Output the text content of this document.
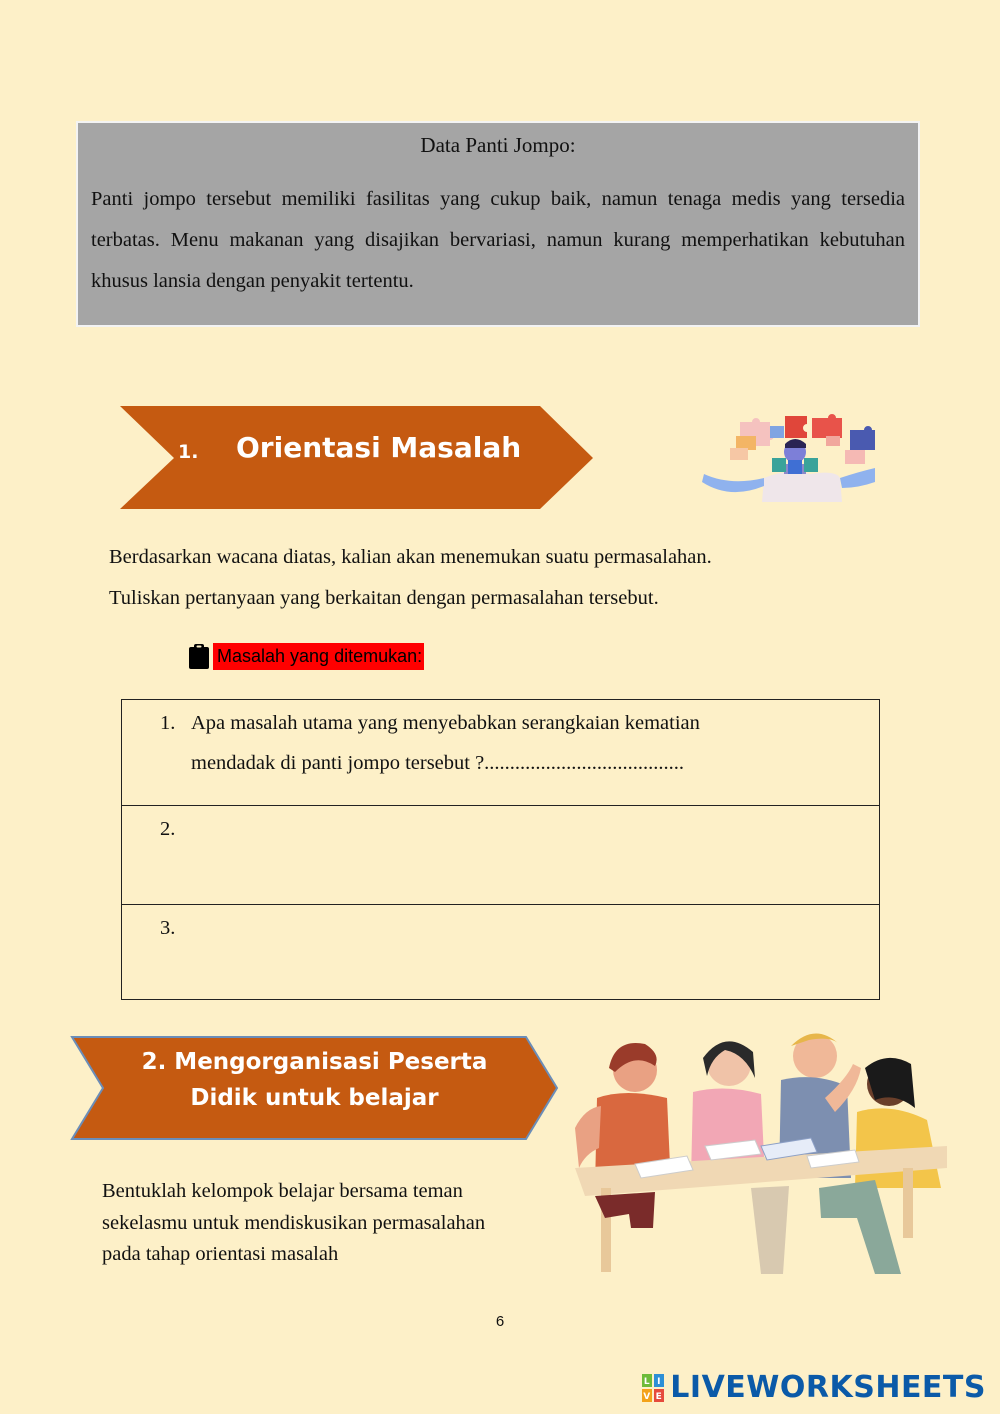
Data Panti Jompo:
Panti jompo tersebut memiliki fasilitas yang cukup baik, namun tenaga medis yang tersedia terbatas. Menu makanan yang disajikan bervariasi, namun kurang memperhatikan kebutuhan khusus lansia dengan penyakit tertentu.
1. Orientasi Masalah
Berdasarkan wacana diatas, kalian akan menemukan suatu permasalahan.
Tuliskan pertanyaan yang berkaitan dengan permasalahan tersebut.
Masalah yang ditemukan:
1. Apa masalah utama yang menyebabkan serangkaian kematian
mendadak di panti jompo tersebut ?.......................................
2.
3.
2. Mengorganisasi Peserta
Didik untuk belajar
Bentuklah kelompok belajar bersama teman
sekelasmu untuk mendiskusikan permasalahan
pada tahap orientasi masalah
6
L I
V E LIVEWORKSHEETS
